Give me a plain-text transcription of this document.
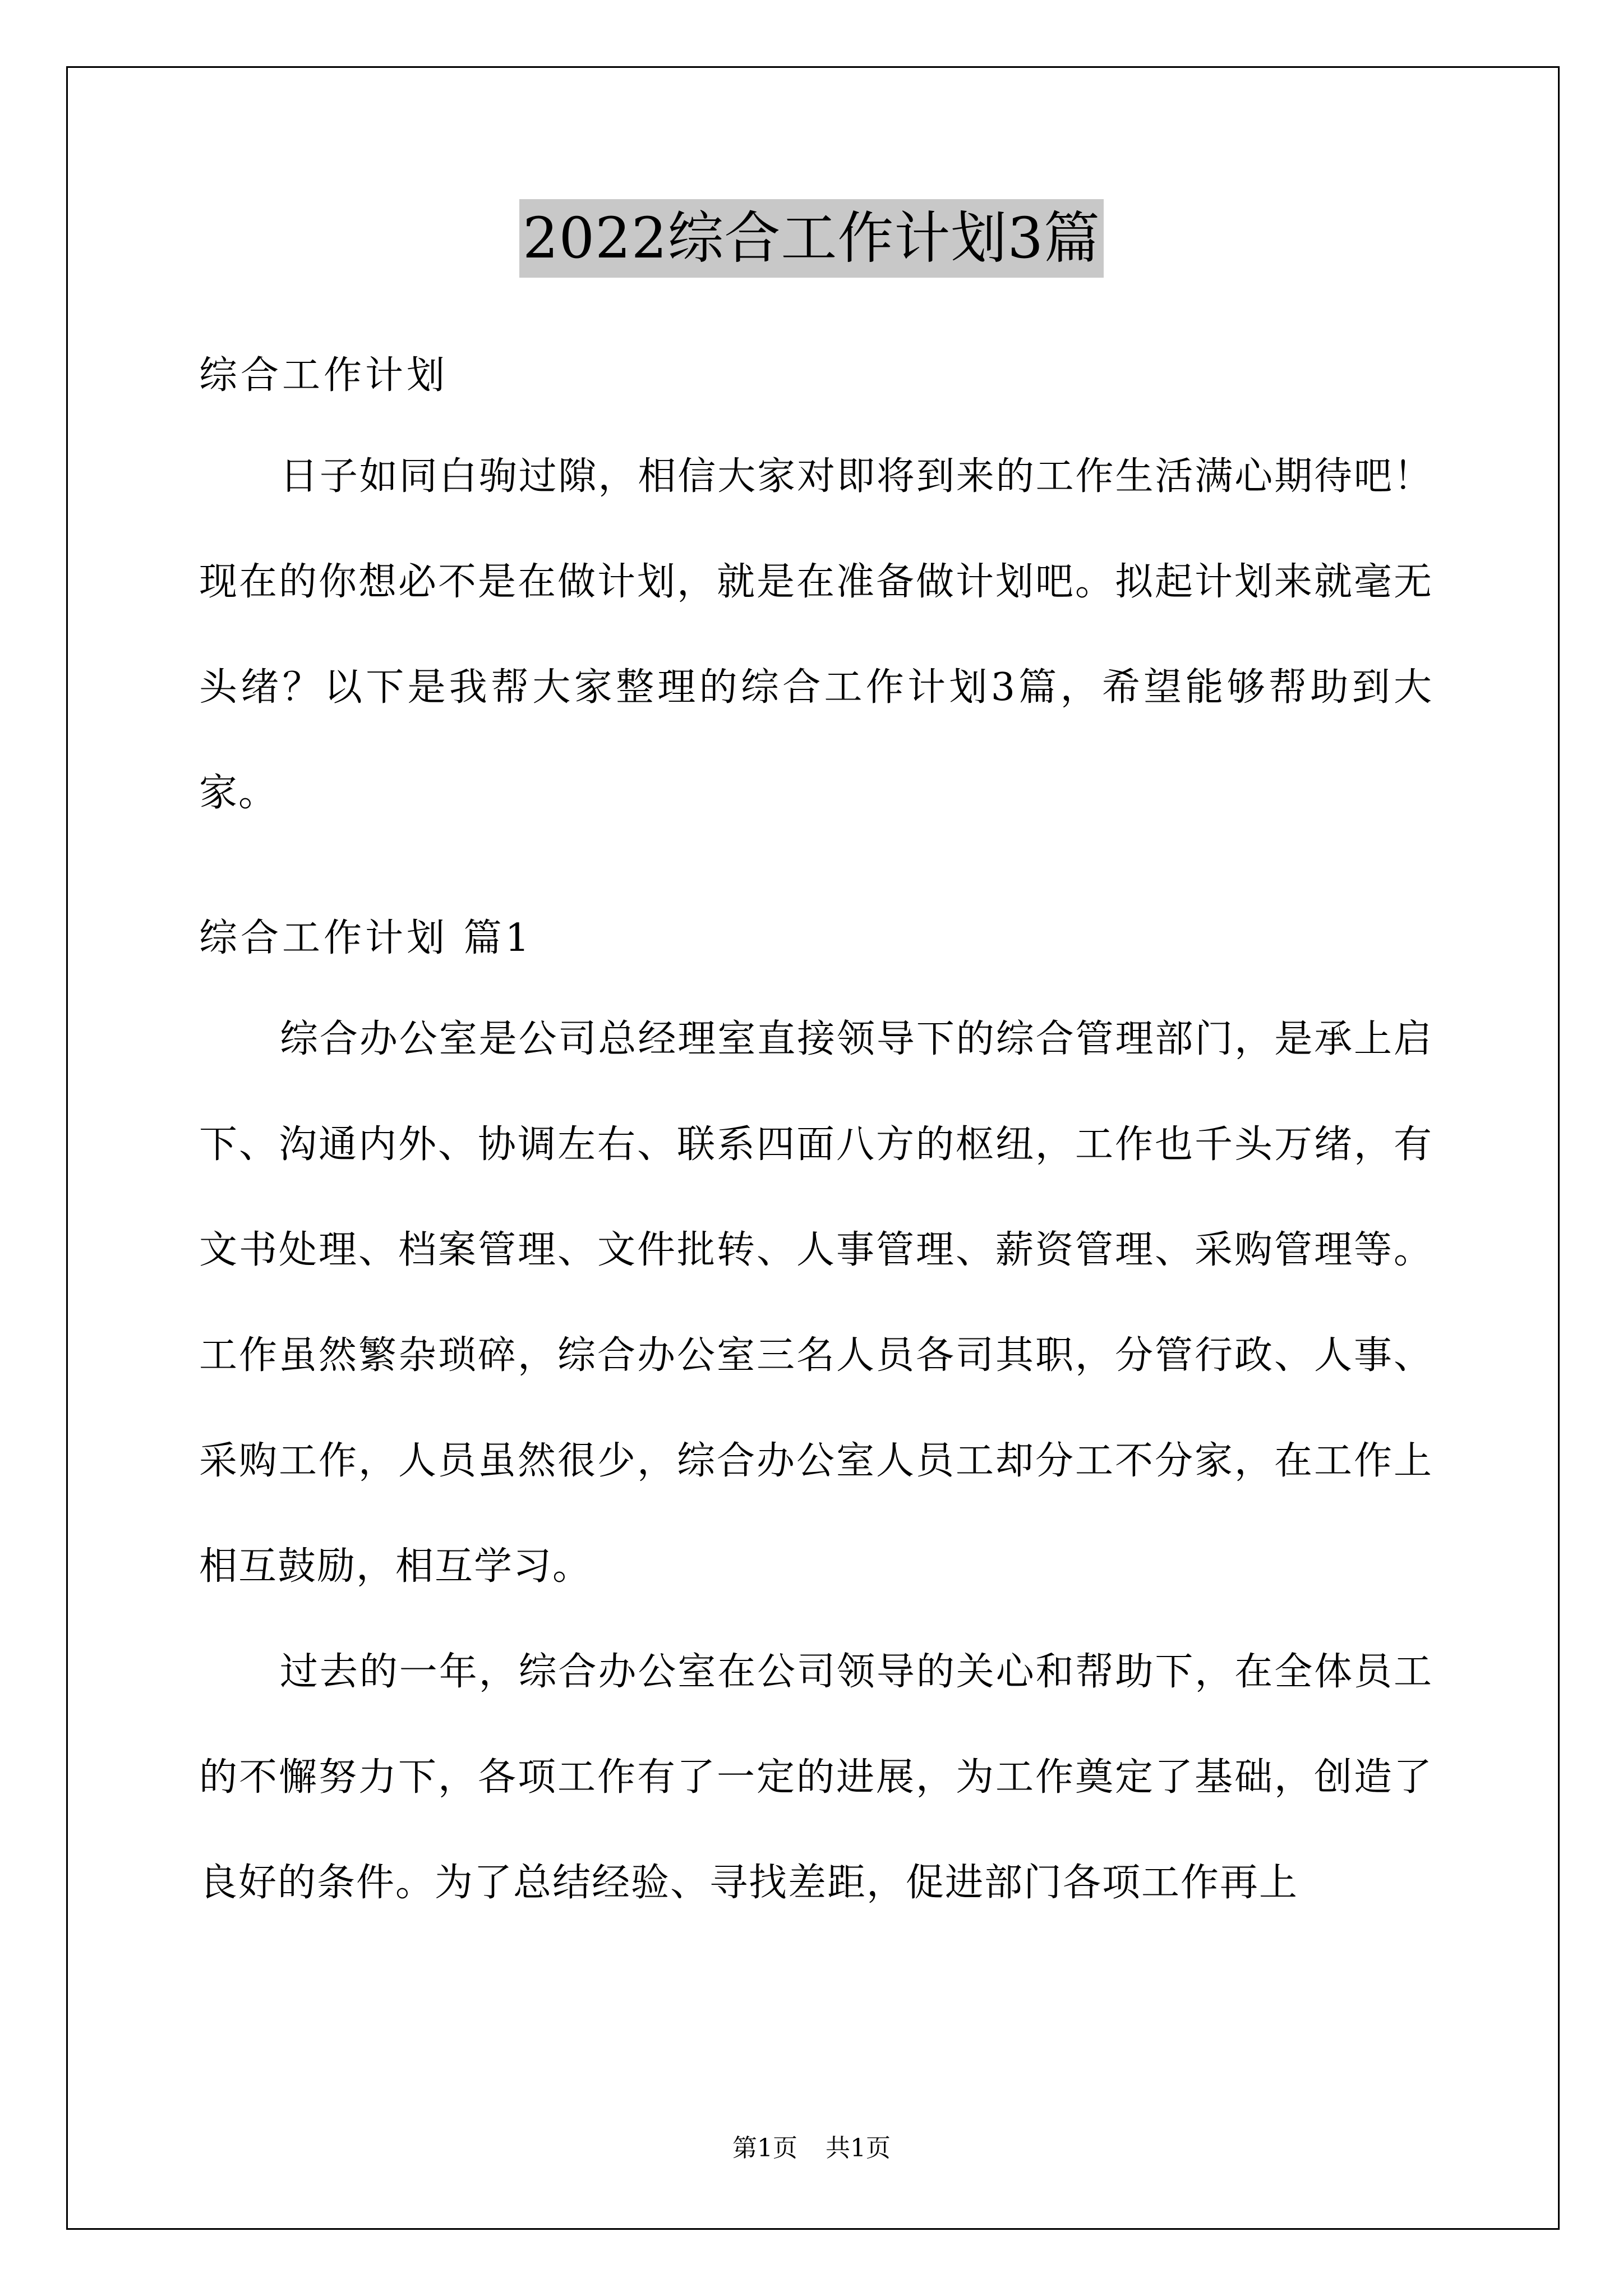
2022综合工作计划3篇

综合工作计划

日子如同白驹过隙，相信大家对即将到来的工作生活满心期待吧！现在的你想必不是在做计划，就是在准备做计划吧。拟起计划来就毫无头绪？以下是我帮大家整理的综合工作计划3篇，希望能够帮助到大家。

综合工作计划 篇1

综合办公室是公司总经理室直接领导下的综合管理部门，是承上启下、沟通内外、协调左右、联系四面八方的枢纽，工作也千头万绪，有文书处理、档案管理、文件批转、人事管理、薪资管理、采购管理等。工作虽然繁杂琐碎，综合办公室三名人员各司其职，分管行政、人事、采购工作，人员虽然很少，综合办公室人员工却分工不分家，在工作上相互鼓励，相互学习。

过去的一年，综合办公室在公司领导的关心和帮助下，在全体员工的不懈努力下，各项工作有了一定的进展，为工作奠定了基础，创造了良好的条件。为了总结经验、寻找差距，促进部门各项工作再上

第1页 共1页
